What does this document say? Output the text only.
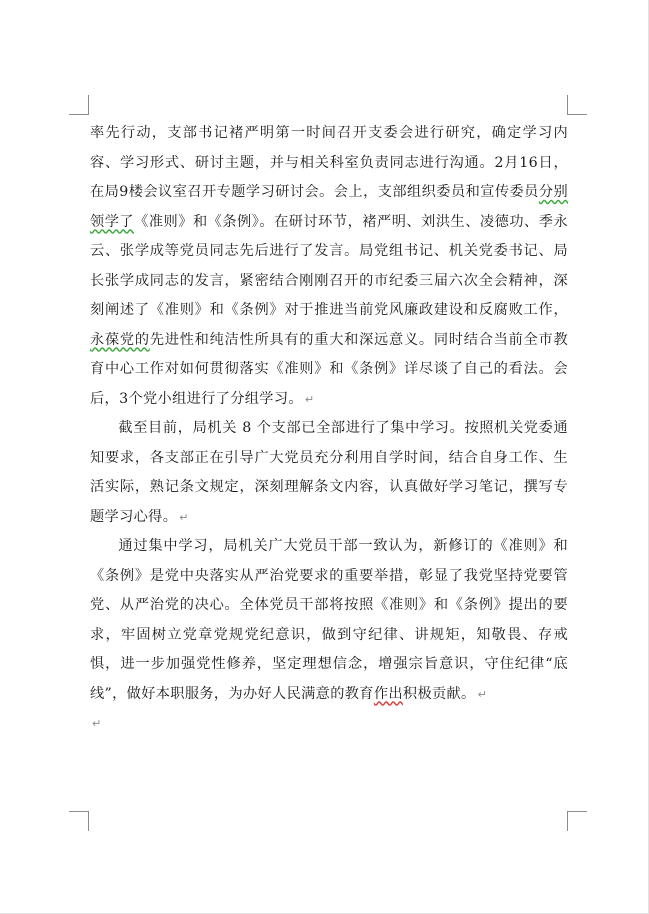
率先行动，支部书记褚严明第一时间召开支委会进行研究，确定学习内容、学习形式、研讨主题，并与相关科室负责同志进行沟通。2月16日，在局9楼会议室召开专题学习研讨会。会上，支部组织委员和宣传委员分别领学了《准则》和《条例》。在研讨环节，褚严明、刘洪生、凌德功、季永云、张学成等党员同志先后进行了发言。局党组书记、机关党委书记、局长张学成同志的发言，紧密结合刚刚召开的市纪委三届六次全会精神，深刻阐述了《准则》和《条例》对于推进当前党风廉政建设和反腐败工作，永葆党的先进性和纯洁性所具有的重大和深远意义。同时结合当前全市教育中心工作对如何贯彻落实《准则》和《条例》详尽谈了自己的看法。会后，3个党小组进行了分组学习。 ↵

截至目前，局机关 8 个支部已全部进行了集中学习。按照机关党委通知要求，各支部正在引导广大党员充分利用自学时间，结合自身工作、生活实际，熟记条文规定，深刻理解条文内容，认真做好学习笔记，撰写专题学习心得。 ↵

通过集中学习，局机关广大党员干部一致认为，新修订的《准则》和《条例》是党中央落实从严治党要求的重要举措，彰显了我党坚持党要管党、从严治党的决心。全体党员干部将按照《准则》和《条例》提出的要求，牢固树立党章党规党纪意识，做到守纪律、讲规矩，知敬畏、存戒惧，进一步加强党性修养，坚定理想信念，增强宗旨意识，守住纪律“底线”，做好本职服务，为办好人民满意的教育作出积极贡献。 ↵

↵
